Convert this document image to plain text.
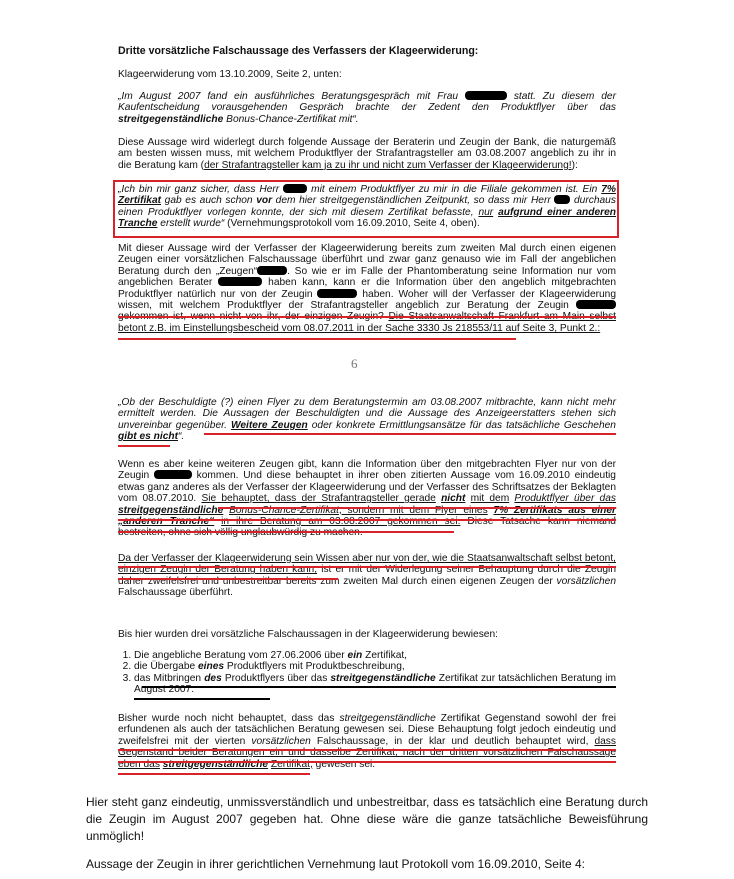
Dritte vorsätzliche Falschaussage des Verfassers der Klageerwiderung:

Klageerwiderung vom 13.10.2009, Seite 2, unten:

„Im August 2007 fand ein ausführliches Beratungsgespräch mit Frau	statt. Zu diesem der Kaufentscheidung vorausgehenden Gespräch brachte der Zedent den Produktflyer über das streitgegenständliche Bonus-Chance-Zertifikat mit“.

Diese Aussage wird widerlegt durch folgende Aussage der Beraterin und Zeugin der Bank, die naturgemäß am besten wissen muss, mit welchem Produktflyer der Strafantragsteller am 03.08.2007 angeblich zu ihr in die Beratung kam (der Strafantragsteller kam ja zu ihr und nicht zum Verfasser der Klageerwiderung!):

„Ich bin mir ganz sicher, dass Herr	mit einem Produktflyer zu mir in die Filiale gekommen ist. Ein 7% Zertifikat gab es auch schon vor dem hier streitgegenständlichen Zeitpunkt, so dass mir Herr durchaus einen Produktflyer vorlegen konnte, der sich mit diesem Zertifikat befasste, nur aufgrund einer anderen Tranche erstellt wurde“ (Vernehmungsprotokoll vom 16.09.2010, Seite 4, oben).

Mit dieser Aussage wird der Verfasser der Klageerwiderung bereits zum zweiten Mal durch einen eigenen Zeugen einer vorsätzlichen Falschaussage überführt und zwar ganz genauso wie im Fall der angeblichen Beratung durch den „Zeugen“	. So wie er im Falle der Phantomberatung seine Information nur vom angeblichen Berater	haben kann, kann er die Information über den angeblich mitgebrachten Produktflyer natürlich nur von der Zeugin	haben. Woher will der Verfasser der Klageerwiderung wissen, mit welchem Produktflyer der Strafantragsteller angeblich zur Beratung der Zeugin  gekommen ist, wenn nicht von ihr, der einzigen Zeugin? Die Staatsanwaltschaft Frankfurt am Main selbst betont z.B. im Einstellungsbescheid vom 08.07.2011 in der Sache 3330 Js 218553/11 auf Seite 3, Punkt 2.:

„Ob der Beschuldigte (?) einen Flyer zu dem Beratungstermin am 03.08.2007 mitbrachte, kann nicht mehr ermittelt werden. Die Aussagen der Beschuldigten und die Aussage des Anzeigeerstatters stehen sich unvereinbar gegenüber. Weitere Zeugen oder konkrete Ermittlungsansätze für das tatsächliche Geschehen gibt es nicht“.

Wenn es aber keine weiteren Zeugen gibt, kann die Information über den mitgebrachten Flyer nur von der Zeugin	kommen. Und diese behauptet in ihrer oben zitierten Aussage vom 16.09.2010 eindeutig etwas ganz anderes als der Verfasser der Klageerwiderung und der Verfasser des Schriftsatzes der Beklagten vom 08.07.2010. Sie behauptet, dass der Strafantragsteller gerade nicht mit dem Produktflyer über das streitgegenständliche Bonus-Chance-Zertifikat, sondern mit dem Flyer eines 7% Zertifikats aus einer „anderen Tranche“ in ihre Beratung am 03.08.2007 gekommen sei. Diese Tatsache kann niemand bestreiten, ohne sich völlig unglaubwürdig zu machen.

Da der Verfasser der Klageerwiderung sein Wissen aber nur von der, wie die Staatsanwaltschaft selbst betont, einzigen Zeugin der Beratung haben kann, ist er mit der Widerlegung seiner Behauptung durch die Zeugin daher zweifelsfrei und unbestreitbar bereits zum zweiten Mal durch einen eigenen Zeugen der vorsätzlichen Falschaussage überführt.

Bis hier wurden drei vorsätzliche Falschaussagen in der Klageerwiderung bewiesen:

1. Die angebliche Beratung vom 27.06.2006 über ein Zertifikat,
2. die Übergabe eines Produktflyers mit Produktbeschreibung,
3. das Mitbringen des Produktflyers über das streitgegenständliche Zertifikat zur tatsächlichen Beratung im August 2007.

Bisher wurde noch nicht behauptet, dass das streitgegenständliche Zertifikat Gegenstand sowohl der frei erfundenen als auch der tatsächlichen Beratung gewesen sei. Diese Behauptung folgt jedoch eindeutig und zweifelsfrei mit der vierten vorsätzlichen Falschaussage, in der klar und deutlich behauptet wird, dass Gegenstand beider Beratungen ein und dasselbe Zertifikat, nach der dritten vorsätzlichen Falschaussage eben das streitgegenständliche Zertifikat, gewesen sei.

6

Hier steht ganz eindeutig, unmissverständlich und unbestreitbar, dass es tatsächlich eine Beratung durch die Zeugin im August 2007 gegeben hat. Ohne diese wäre die ganze tatsächliche Beweisführung unmöglich!

Aussage der Zeugin in ihrer gerichtlichen Vernehmung laut Protokoll vom 16.09.2010, Seite 4:
